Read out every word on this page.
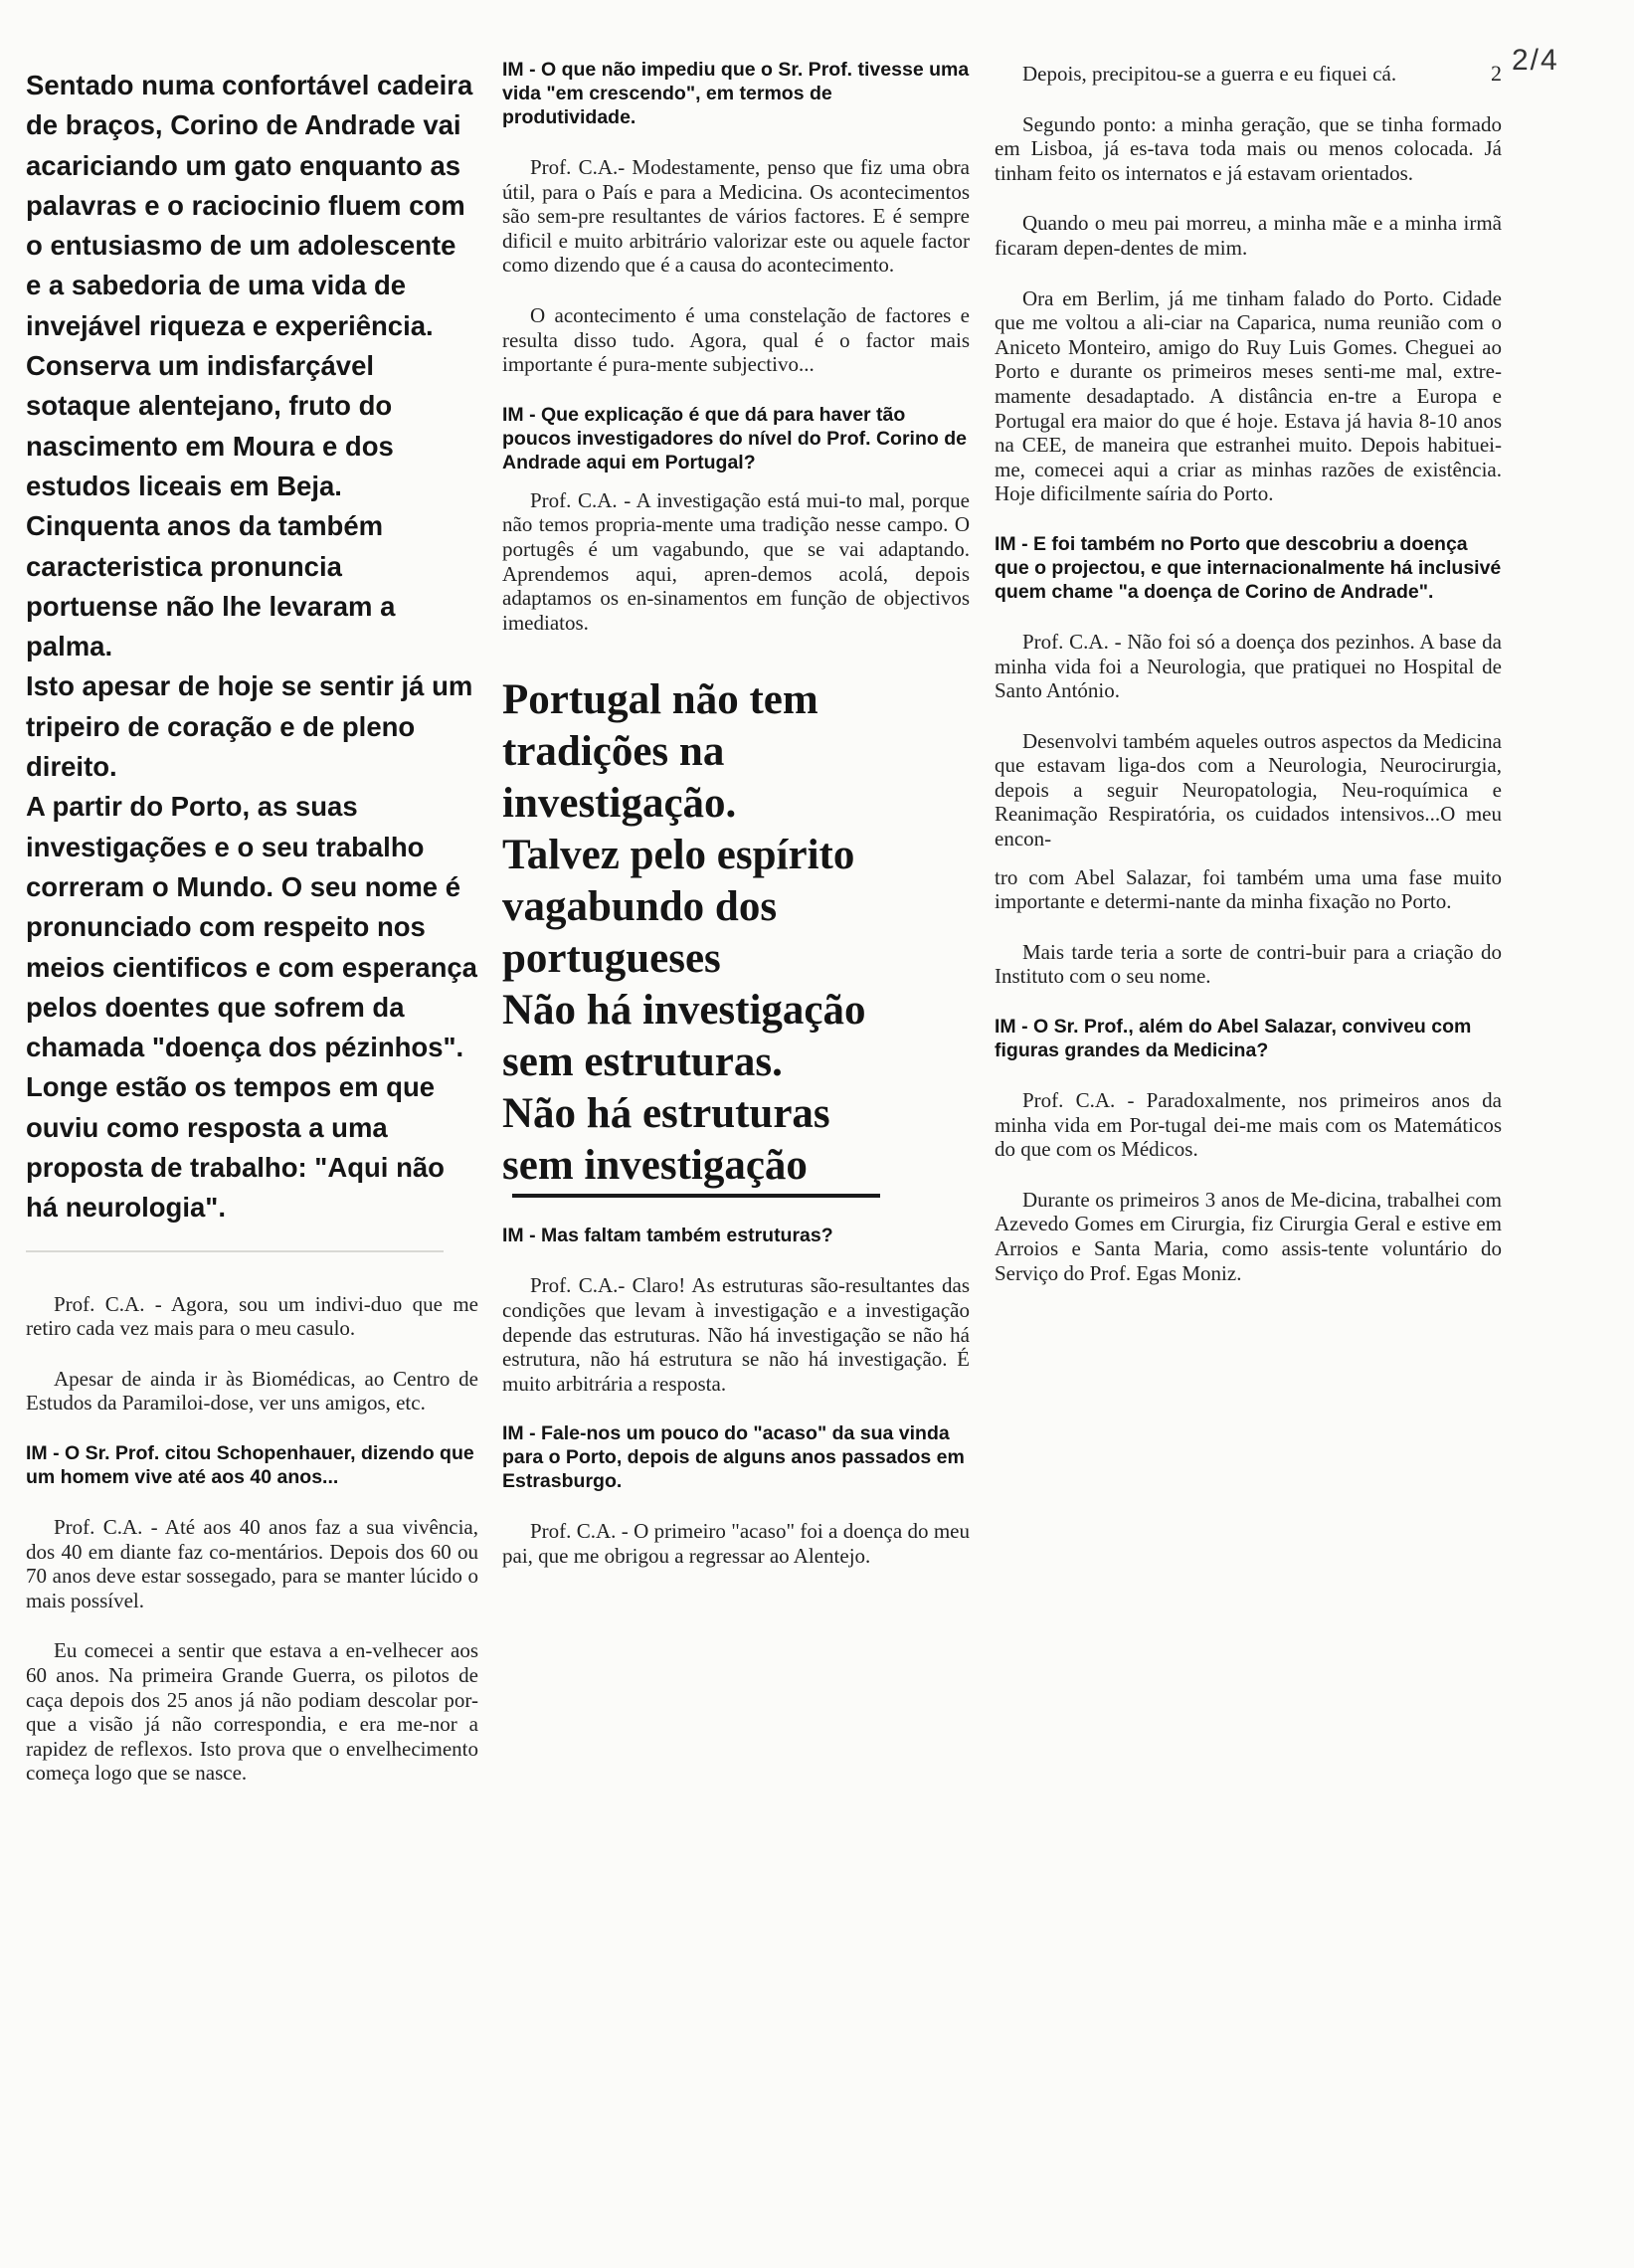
2/4
Sentado numa confortável cadeira de braços, Corino de Andrade vai acariciando um gato enquanto as palavras e o raciocinio fluem com o entusiasmo de um adolescente e a sabedoria de uma vida de invejável riqueza e experiência.
Conserva um indisfarçável sotaque alentejano, fruto do nascimento em Moura e dos estudos liceais em Beja.
Cinquenta anos da também caracteristica pronuncia portuense não lhe levaram a palma.
Isto apesar de hoje se sentir já um tripeiro de coração e de pleno direito.
A partir do Porto, as suas investigações e o seu trabalho correram o Mundo. O seu nome é pronunciado com respeito nos meios cientificos e com esperança pelos doentes que sofrem da chamada "doença dos pézinhos".
Longe estão os tempos em que ouviu como resposta a uma proposta de trabalho: "Aqui não há neurologia".

Prof. C.A. - Agora, sou um indivi-duo que me retiro cada vez mais para o meu casulo.

Apesar de ainda ir às Biomédicas, ao Centro de Estudos da Paramiloi-dose, ver uns amigos, etc.

IM - O Sr. Prof. citou Schopenhauer, dizendo que um homem vive até aos 40 anos...

Prof. C.A. - Até aos 40 anos faz a sua vivência, dos 40 em diante faz co-mentários. Depois dos 60 ou 70 anos deve estar sossegado, para se manter lúcido o mais possível.

Eu comecei a sentir que estava a en-velhecer aos 60 anos. Na primeira Grande Guerra, os pilotos de caça depois dos 25 anos já não podiam descolar por-que a visão já não correspondia, e era me-nor a rapidez de reflexos. Isto prova que o envelhecimento começa logo que se nasce.

IM - O que não impediu que o Sr. Prof. tivesse uma vida "em crescendo", em termos de produtividade.

Prof. C.A.- Modestamente, penso que fiz uma obra útil, para o País e para a Medicina. Os acontecimentos são sem-pre resultantes de vários factores. E é sempre dificil e muito arbitrário valorizar este ou aquele factor como dizendo que é a causa do acontecimento.

O acontecimento é uma constelação de factores e resulta disso tudo. Agora, qual é o factor mais importante é pura-mente subjectivo...

IM - Que explicação é que dá para haver tão poucos investigadores do nível do Prof. Corino de Andrade aqui em Portugal?

Prof. C.A. - A investigação está mui-to mal, porque não temos propria-mente uma tradição nesse campo. O portugês é um vagabundo, que se vai adaptando. Aprendemos aqui, apren-demos acolá, depois adaptamos os en-sinamentos em função de objectivos imediatos.

Portugal não tem
tradições na
investigação.
Talvez pelo espírito
vagabundo dos
portugueses
Não há investigação
sem estruturas.
Não há estruturas
sem investigação

IM - Mas faltam também estruturas?

Prof. C.A.- Claro! As estruturas são-resultantes das condições que levam à investigação e a investigação depende das estruturas. Não há investigação se não há estrutura, não há estrutura se não há investigação. É muito arbitrária a resposta.

IM - Fale-nos um pouco do "acaso" da sua vinda para o Porto, depois de alguns anos passados em Estrasburgo.

Prof. C.A. - O primeiro "acaso" foi a doença do meu pai, que me obrigou a regressar ao Alentejo.

2
Depois, precipitou-se a guerra e eu fiquei cá.

Segundo ponto: a minha geração, que se tinha formado em Lisboa, já es-tava toda mais ou menos colocada. Já tinham feito os internatos e já estavam orientados.

Quando o meu pai morreu, a minha mãe e a minha irmã ficaram depen-dentes de mim.

Ora em Berlim, já me tinham falado do Porto. Cidade que me voltou a ali-ciar na Caparica, numa reunião com o Aniceto Monteiro, amigo do Ruy Luis Gomes. Cheguei ao Porto e durante os primeiros meses senti-me mal, extre-mamente desadaptado. A distância en-tre a Europa e Portugal era maior do que é hoje. Estava já havia 8-10 anos na CEE, de maneira que estranhei muito. Depois habituei-me, comecei aqui a criar as minhas razões de existência. Hoje dificilmente saíria do Porto.

IM - E foi também no Porto que descobriu a doença que o projectou, e que internacionalmente há inclusivé quem chame "a doença de Corino de Andrade".

Prof. C.A. - Não foi só a doença dos pezinhos. A base da minha vida foi a Neurologia, que pratiquei no Hospital de Santo António.

Desenvolvi também aqueles outros aspectos da Medicina que estavam liga-dos com a Neurologia, Neurocirurgia, depois a seguir Neuropatologia, Neu-roquímica e Reanimação Respiratória, os cuidados intensivos...O meu encon-

tro com Abel Salazar, foi também uma uma fase muito importante e determi-nante da minha fixação no Porto.

Mais tarde teria a sorte de contri-buir para a criação do Instituto com o seu nome.

IM - O Sr. Prof., além do Abel Salazar, conviveu com figuras grandes da Medicina?

Prof. C.A. - Paradoxalmente, nos primeiros anos da minha vida em Por-tugal dei-me mais com os Matemáticos do que com os Médicos.

Durante os primeiros 3 anos de Me-dicina, trabalhei com Azevedo Gomes em Cirurgia, fiz Cirurgia Geral e estive em Arroios e Santa Maria, como assis-tente voluntário do Serviço do Prof. Egas Moniz.
